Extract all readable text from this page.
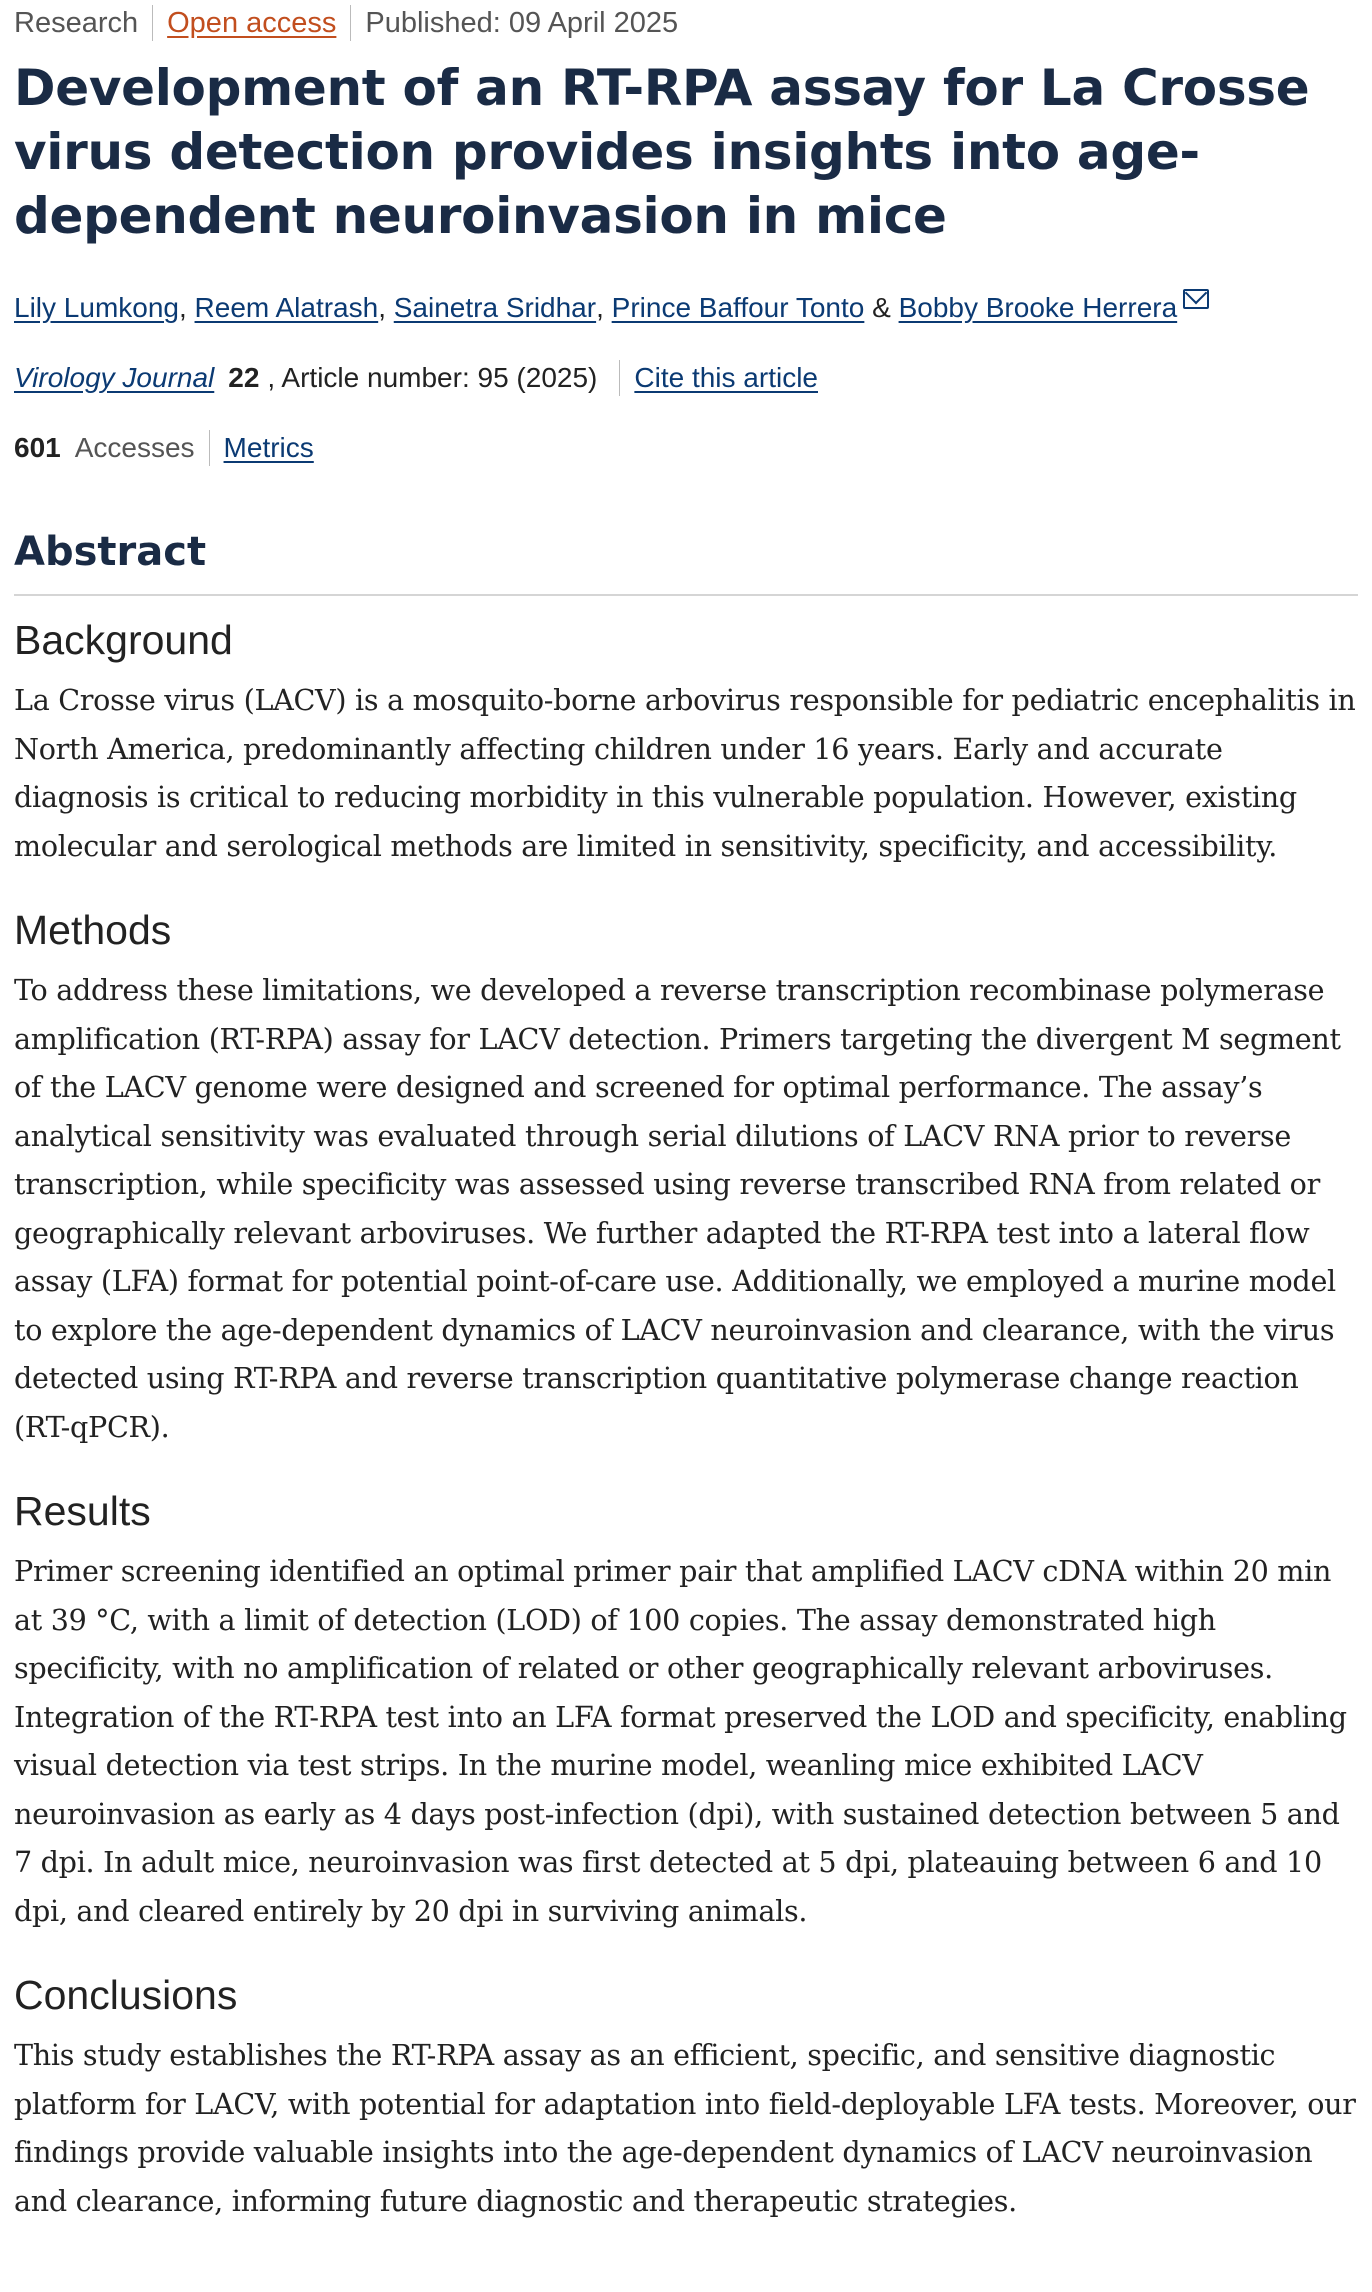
Research Open access Published: 09 April 2025
Development of an RT-RPA assay for La Crosse virus detection provides insights into age-dependent neuroinvasion in mice
Lily Lumkong , Reem Alatrash , Sainetra Sridhar , Prince Baffour Tonto & Bobby Brooke Herrera
Virology Journal 22 , Article number: 95 (2025) Cite this article
601 Accesses Metrics
Abstract
Background

La Crosse virus (LACV) is a mosquito-borne arbovirus responsible for pediatric encephalitis in North America, predominantly affecting children under 16 years. Early and accurate diagnosis is critical to reducing morbidity in this vulnerable population. However, existing molecular and serological methods are limited in sensitivity, specificity, and accessibility.

Methods

To address these limitations, we developed a reverse transcription recombinase polymerase amplification (RT-RPA) assay for LACV detection. Primers targeting the divergent M segment of the LACV genome were designed and screened for optimal performance. The assay’s analytical sensitivity was evaluated through serial dilutions of LACV RNA prior to reverse transcription, while specificity was assessed using reverse transcribed RNA from related or geographically relevant arboviruses. We further adapted the RT-RPA test into a lateral flow assay (LFA) format for potential point-of-care use. Additionally, we employed a murine model to explore the age-dependent dynamics of LACV neuroinvasion and clearance, with the virus detected using RT-RPA and reverse transcription quantitative polymerase change reaction (RT-qPCR).

Results

Primer screening identified an optimal primer pair that amplified LACV cDNA within 20 min at 39 °C, with a limit of detection (LOD) of 100 copies. The assay demonstrated high specificity, with no amplification of related or other geographically relevant arboviruses. Integration of the RT-RPA test into an LFA format preserved the LOD and specificity, enabling visual detection via test strips. In the murine model, weanling mice exhibited LACV neuroinvasion as early as 4 days post-infection (dpi), with sustained detection between 5 and 7 dpi. In adult mice, neuroinvasion was first detected at 5 dpi, plateauing between 6 and 10 dpi, and cleared entirely by 20 dpi in surviving animals.

Conclusions

This study establishes the RT-RPA assay as an efficient, specific, and sensitive diagnostic platform for LACV, with potential for adaptation into field-deployable LFA tests. Moreover, our findings provide valuable insights into the age-dependent dynamics of LACV neuroinvasion and clearance, informing future diagnostic and therapeutic strategies.
